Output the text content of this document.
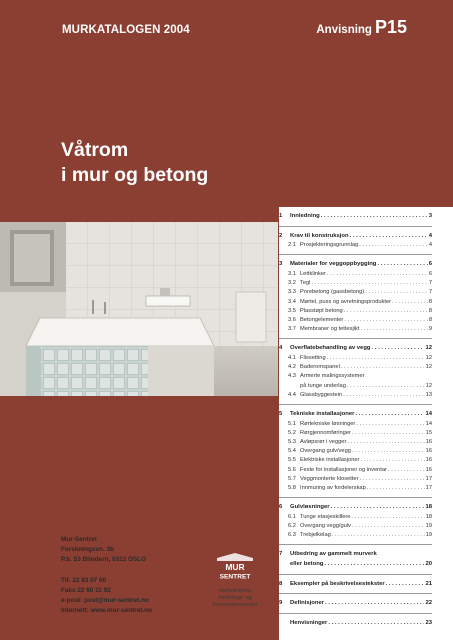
MURKATALOGEN 2004	Anvisning P15
Våtrom
i mur og betong
Mur-Sentret
Forskningsvn. 3b
P.b. 53 Blindern, 0313 OSLO
Tlf. 22 93 07 60
Faks 22 60 11 92
e-post: post@mur-sentret.no
Internett: www.mur-sentret.no
MUR
SENTRET
murbransjens
forsknings- og
informasjonskontor
1	Innledning . . .	3
2	Krav til konstruksjon . . .	4
2.1 Prosjekteringsgrunnlag . . .	4
3	Materialer for veggoppbygging . . .	6
3.1 Lettklinker . . .	6
3.2 Tegl . . .	7
3.3 Porebetong (gassbetong) . . .	7
3.4 Mørtel, puss og avretningsprodukter . . .	8
3.5 Plasstøpt betong . . .	8
3.6 Betongelementer . . .	8
3.7 Membraner og tettesjikt . . .	9
4	Overflatebehandling av vegg . . .	12
4.1 Flissetting . . .	12
4.2 Baderomspanel . . .	12
4.3 Armerte malingssystemer
på tunge underlag . . .	12
4.4 Glassbyggestein . . .	13
5	Tekniske installasjoner . . .	14
5.1 Rørtekniske løsninger . . .	14
5.2 Rørgjennomføringer . . .	15
5.3 Avløpsrør i vegger . . .	16
5.4 Overgang gulv/vegg . . .	16
5.5 Elektriske installasjoner . . .	16
5.6 Feste for installasjoner og inventar . . .	16
5.7 Veggmonterte klosetter . . .	17
5.8 Innmuring av fordelerskap . . .	17
6	Gulvløsninger . . .	18
6.1 Tunge etasjeskillere . . .	18
6.2 Overgang vegg/gulv . . .	19
6.3 Trebjelkelag . . .	19
7	Utbedring av gammelt murverk
eller betong . . .	20
8	Eksempler på beskrivelsestekster . . .	21
9	Definisjoner . . .	22
Henvisninger . . .	23
